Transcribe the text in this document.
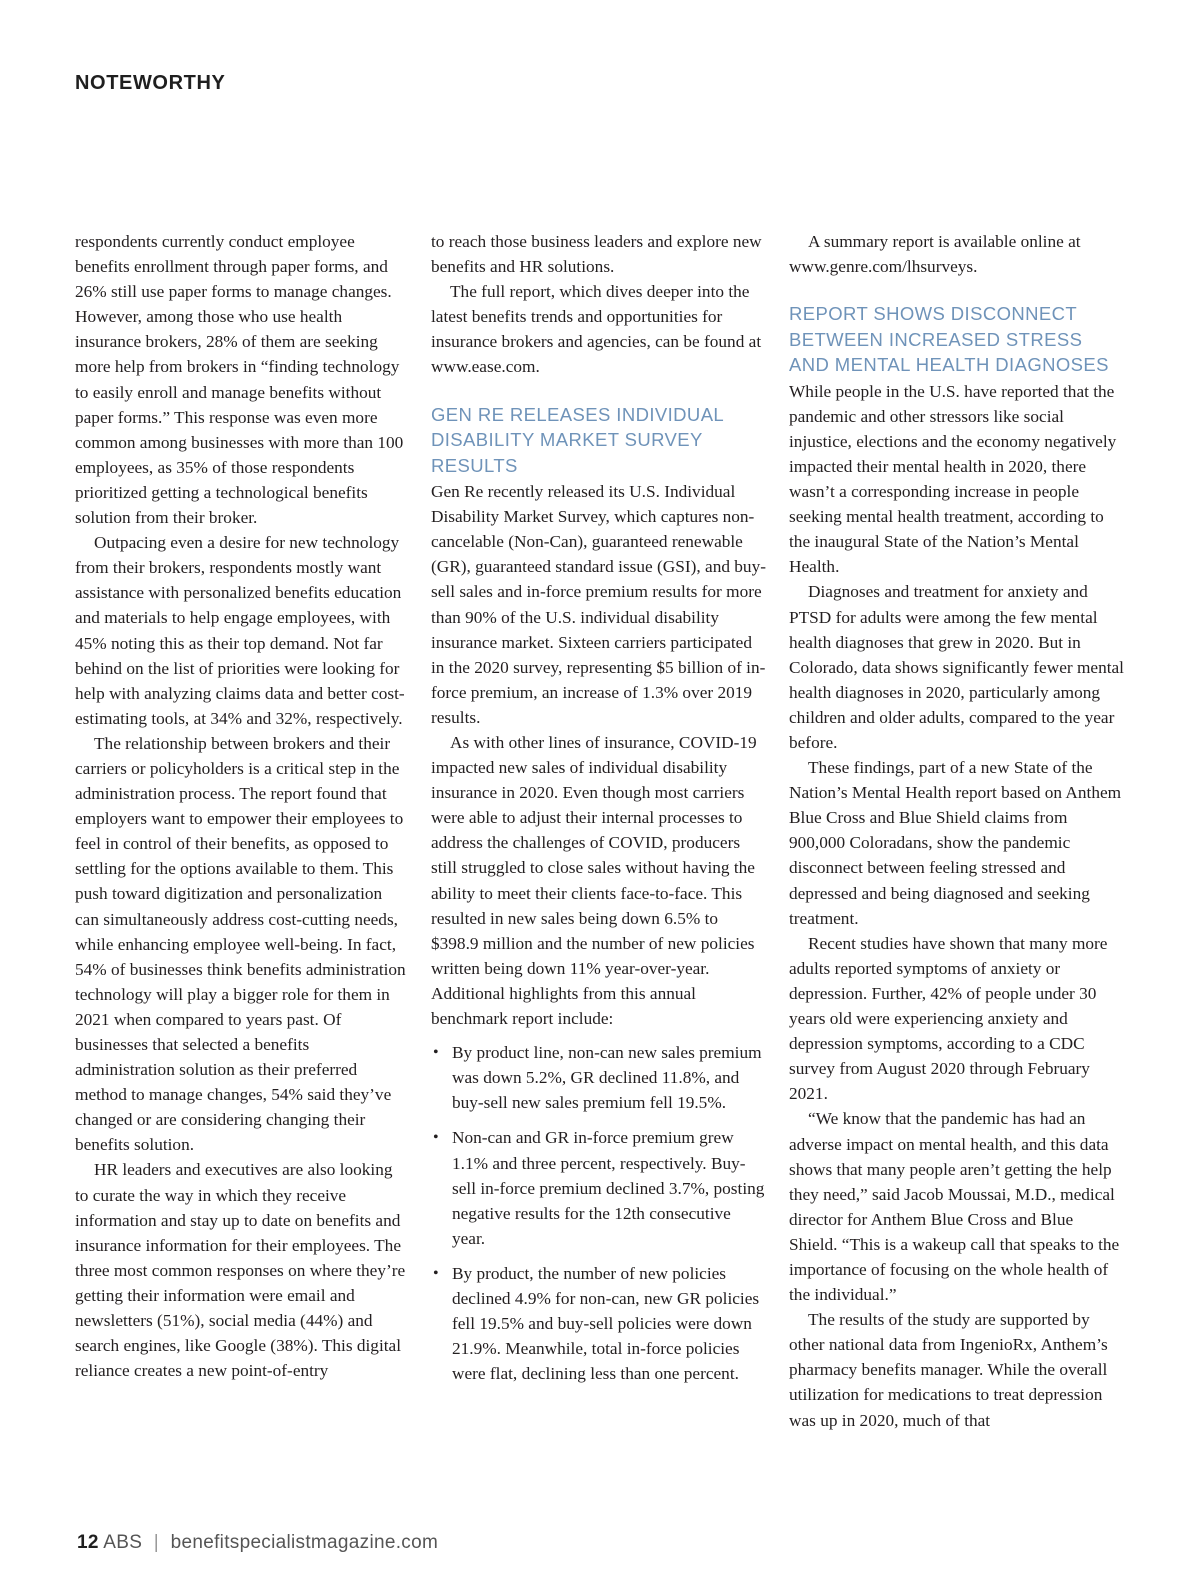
NOTEWORTHY

respondents currently conduct employee benefits enrollment through paper forms, and 26% still use paper forms to manage changes. However, among those who use health insurance brokers, 28% of them are seeking more help from brokers in “finding technology to easily enroll and manage benefits without paper forms.” This response was even more common among businesses with more than 100 employees, as 35% of those respondents prioritized getting a technological benefits solution from their broker.

Outpacing even a desire for new technology from their brokers, respondents mostly want assistance with personalized benefits education and materials to help engage employees, with 45% noting this as their top demand. Not far behind on the list of priorities were looking for help with analyzing claims data and better cost-estimating tools, at 34% and 32%, respectively.

The relationship between brokers and their carriers or policyholders is a critical step in the administration process. The report found that employers want to empower their employees to feel in control of their benefits, as opposed to settling for the options available to them. This push toward digitization and personalization can simultaneously address cost-cutting needs, while enhancing employee well-being. In fact, 54% of businesses think benefits administration technology will play a bigger role for them in 2021 when compared to years past. Of businesses that selected a benefits administration solution as their preferred method to manage changes, 54% said they’ve changed or are considering changing their benefits solution.

HR leaders and executives are also looking to curate the way in which they receive information and stay up to date on benefits and insurance information for their employees. The three most common responses on where they’re getting their information were email and newsletters (51%), social media (44%) and search engines, like Google (38%). This digital reliance creates a new point-of-entry

to reach those business leaders and explore new benefits and HR solutions.

The full report, which dives deeper into the latest benefits trends and opportunities for insurance brokers and agencies, can be found at www.ease.com.

GEN RE RELEASES INDIVIDUAL DISABILITY MARKET SURVEY RESULTS

Gen Re recently released its U.S. Individual Disability Market Survey, which captures non-cancelable (Non-Can), guaranteed renewable (GR), guaranteed standard issue (GSI), and buy-sell sales and in-force premium results for more than 90% of the U.S. individual disability insurance market. Sixteen carriers participated in the 2020 survey, representing $5 billion of in-force premium, an increase of 1.3% over 2019 results.

As with other lines of insurance, COVID-19 impacted new sales of individual disability insurance in 2020. Even though most carriers were able to adjust their internal processes to address the challenges of COVID, producers still struggled to close sales without having the ability to meet their clients face-to-face. This resulted in new sales being down 6.5% to $398.9 million and the number of new policies written being down 11% year-over-year. Additional highlights from this annual benchmark report include:

• By product line, non-can new sales premium was down 5.2%, GR declined 11.8%, and buy-sell new sales premium fell 19.5%.
• Non-can and GR in-force premium grew 1.1% and three percent, respectively. Buy-sell in-force premium declined 3.7%, posting negative results for the 12th consecutive year.
• By product, the number of new policies declined 4.9% for non-can, new GR policies fell 19.5% and buy-sell policies were down 21.9%. Meanwhile, total in-force policies were flat, declining less than one percent.

A summary report is available online at www.genre.com/lhsurveys.

REPORT SHOWS DISCONNECT BETWEEN INCREASED STRESS AND MENTAL HEALTH DIAGNOSES

While people in the U.S. have reported that the pandemic and other stressors like social injustice, elections and the economy negatively impacted their mental health in 2020, there wasn’t a corresponding increase in people seeking mental health treatment, according to the inaugural State of the Nation’s Mental Health.

Diagnoses and treatment for anxiety and PTSD for adults were among the few mental health diagnoses that grew in 2020. But in Colorado, data shows significantly fewer mental health diagnoses in 2020, particularly among children and older adults, compared to the year before.

These findings, part of a new State of the Nation’s Mental Health report based on Anthem Blue Cross and Blue Shield claims from 900,000 Coloradans, show the pandemic disconnect between feeling stressed and depressed and being diagnosed and seeking treatment.

Recent studies have shown that many more adults reported symptoms of anxiety or depression. Further, 42% of people under 30 years old were experiencing anxiety and depression symptoms, according to a CDC survey from August 2020 through February 2021.

“We know that the pandemic has had an adverse impact on mental health, and this data shows that many people aren’t getting the help they need,” said Jacob Moussai, M.D., medical director for Anthem Blue Cross and Blue Shield. “This is a wakeup call that speaks to the importance of focusing on the whole health of the individual.”

The results of the study are supported by other national data from IngenioRx, Anthem’s pharmacy benefits manager. While the overall utilization for medications to treat depression was up in 2020, much of that

12 ABS | benefitspecialistmagazine.com
